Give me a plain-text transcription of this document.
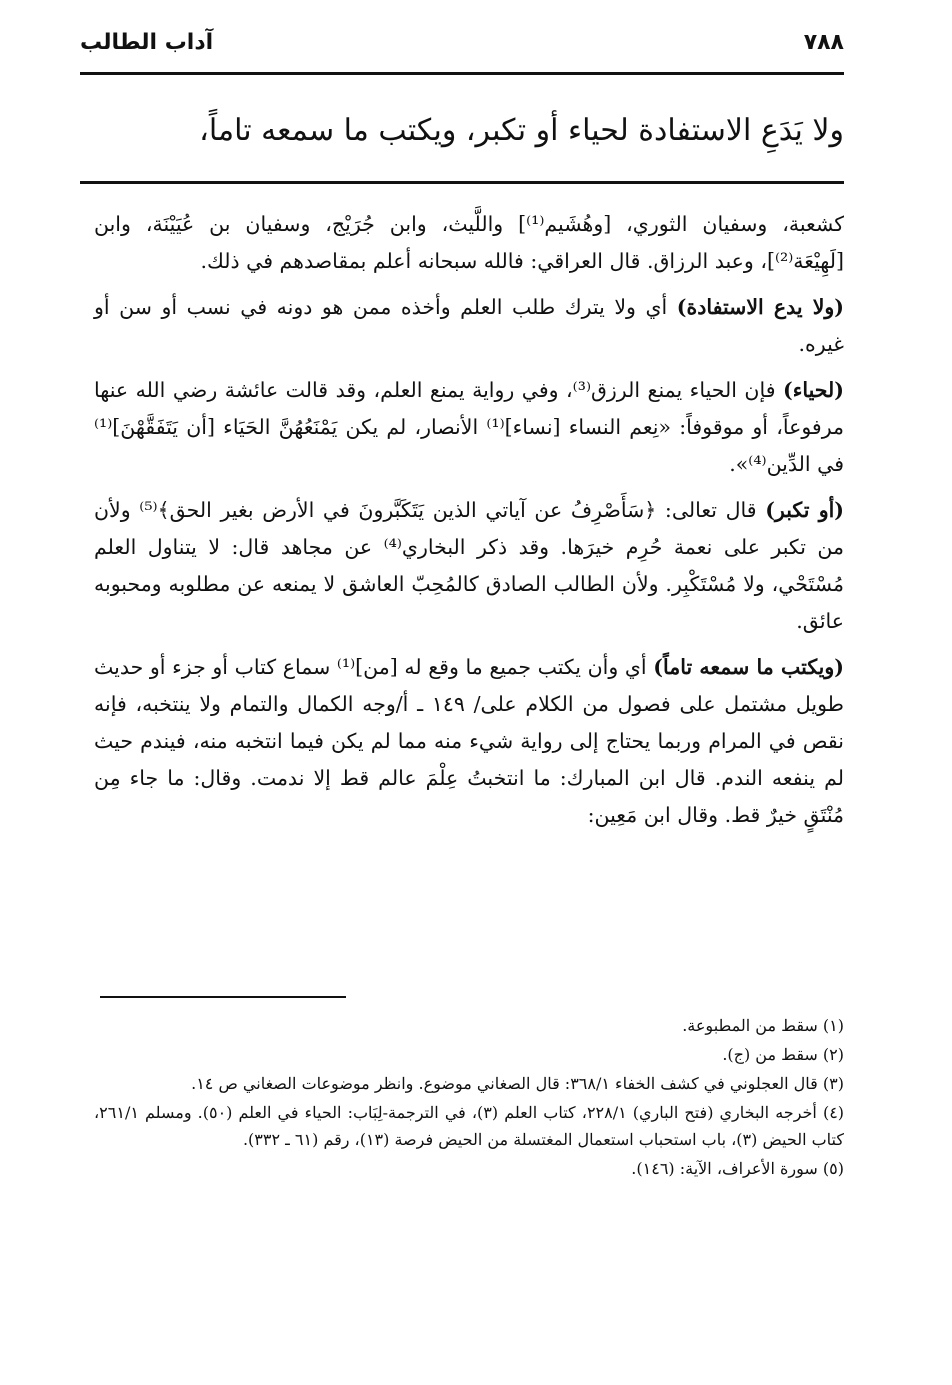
٧٨٨
آداب الطالب
ولا يَدَعِ الاستفادة لحياء أو تكبر، ويكتب ما سمعه تاماً،

كشعبة، وسفيان الثوري، [وهُشَيم⁽¹⁾] واللَّيث، وابن جُرَيْج، وسفيان بن عُيَيْنَة، وابن [لَهِيْعَة⁽²⁾]، وعبد الرزاق. قال العراقي: فالله سبحانه أعلم بمقاصدهم في ذلك.

(ولا يدع الاستفادة) أي ولا يترك طلب العلم وأخذه ممن هو دونه في نسب أو سن أو غيره.

(لحياء) فإن الحياء يمنع الرزق⁽³⁾، وفي رواية يمنع العلم، وقد قالت عائشة رضي الله عنها مرفوعاً، أو موقوفاً: «نِعم النساء [نساء]⁽¹⁾ الأنصار، لم يكن يَمْنَعُهُنَّ الحَيَاء [أن يَتَفَقَّهْنَ]⁽¹⁾ في الدِّين⁽⁴⁾».

(أو تكبر) قال تعالى: ﴿سَأَصْرِفُ عن آياتي الذين يَتَكَبَّرونَ في الأرض بغير الحق﴾⁽⁵⁾ ولأن من تكبر على نعمة حُرِم خيرَها. وقد ذكر البخاري⁽⁴⁾ عن مجاهد قال: لا يتناول العلم مُسْتَحْي، ولا مُسْتَكْبِر. ولأن الطالب الصادق كالمُحِبّ العاشق لا يمنعه عن مطلوبه ومحبوبه عائق.

(ويكتب ما سمعه تاماً) أي وأن يكتب جميع ما وقع له [من]⁽¹⁾ سماع كتاب أو جزء أو حديث طويل مشتمل على فصول من الكلام على/ ١٤٩ ـ أ/وجه الكمال والتمام ولا ينتخبه، فإنه نقص في المرام وربما يحتاج إلى رواية شيء منه مما لم يكن فيما انتخبه منه، فيندم حيث لم ينفعه الندم. قال ابن المبارك: ما انتخبتُ عِلْمَ عالم قط إلا ندمت. وقال: ما جاء مِن مُنْتَقٍ خيرٌ قط. وقال ابن مَعِين:

(١) سقط من المطبوعة.

(٢) سقط من (ج).

(٣) قال العجلوني في كشف الخفاء ٣٦٨/١: قال الصغاني موضوع. وانظر موضوعات الصغاني ص ١٤.

(٤) أخرجه البخاري (فتح الباري) ٢٢٨/١، كتاب العلم (٣)، في الترجمة-لِبَاب: الحياء في العلم (٥٠). ومسلم ٢٦١/١، كتاب الحيض (٣)، باب استحباب استعمال المغتسلة من الحيض فرصة (١٣)، رقم (٦١ ـ ٣٣٢).

(٥) سورة الأعراف، الآية: (١٤٦).
